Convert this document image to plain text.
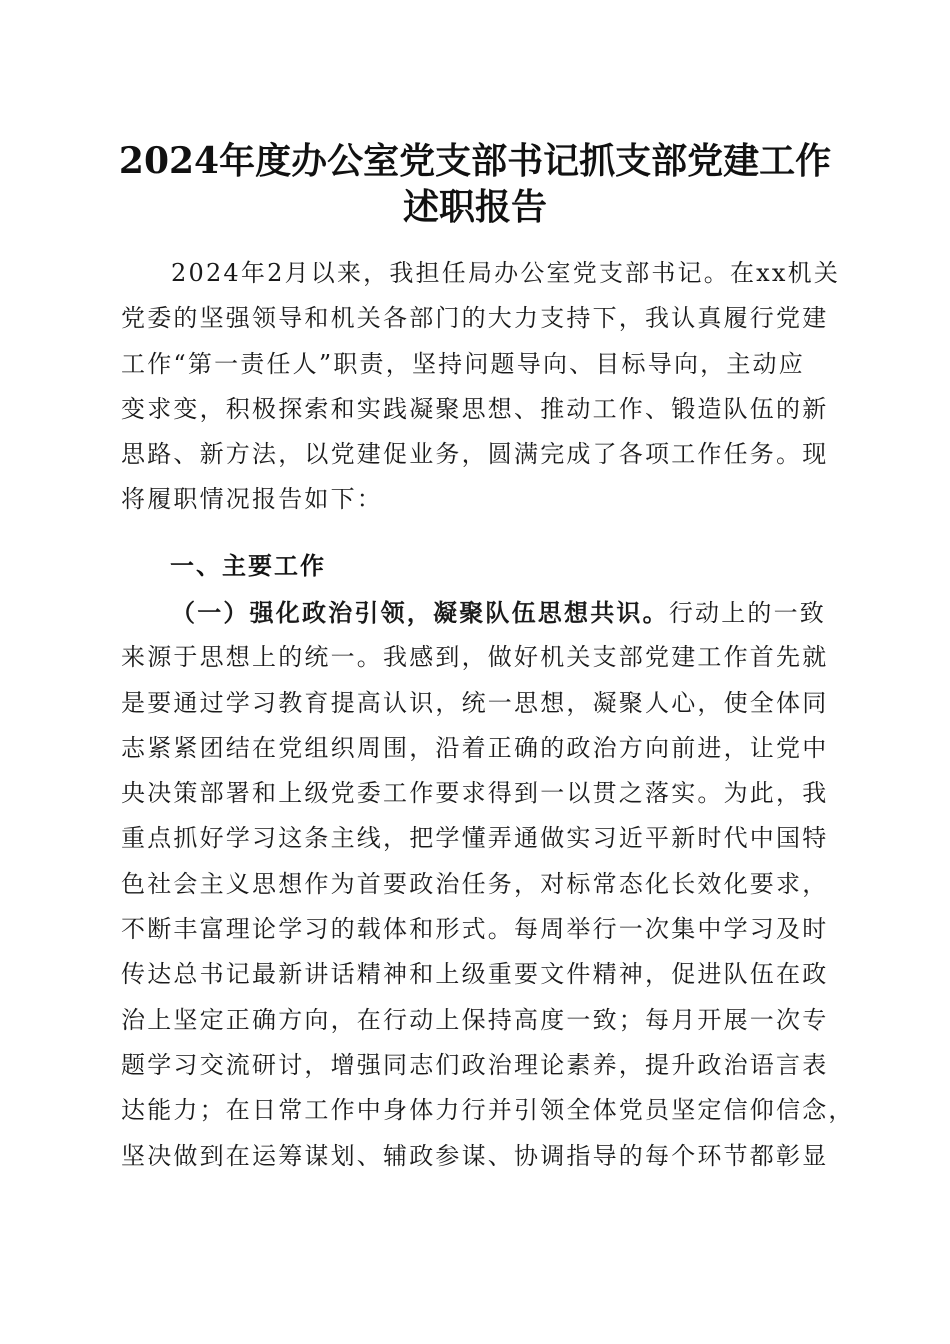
2024年度办公室党支部书记抓支部党建工作
述职报告
2024年2月以来，我担任局办公室党支部书记。在xx机关
党委的坚强领导和机关各部门的大力支持下，我认真履行党建
工作“第一责任人”职责，坚持问题导向、目标导向，主动应
变求变，积极探索和实践凝聚思想、推动工作、锻造队伍的新
思路、新方法，以党建促业务，圆满完成了各项工作任务。现
将履职情况报告如下：
一、主要工作
（一）强化政治引领，凝聚队伍思想共识。行动上的一致
来源于思想上的统一。我感到，做好机关支部党建工作首先就
是要通过学习教育提高认识，统一思想，凝聚人心，使全体同
志紧紧团结在党组织周围，沿着正确的政治方向前进，让党中
央决策部署和上级党委工作要求得到一以贯之落实。为此，我
重点抓好学习这条主线，把学懂弄通做实习近平新时代中国特
色社会主义思想作为首要政治任务，对标常态化长效化要求，
不断丰富理论学习的载体和形式。每周举行一次集中学习及时
传达总书记最新讲话精神和上级重要文件精神，促进队伍在政
治上坚定正确方向，在行动上保持高度一致；每月开展一次专
题学习交流研讨，增强同志们政治理论素养，提升政治语言表
达能力；在日常工作中身体力行并引领全体党员坚定信仰信念，
坚决做到在运筹谋划、辅政参谋、协调指导的每个环节都彰显
